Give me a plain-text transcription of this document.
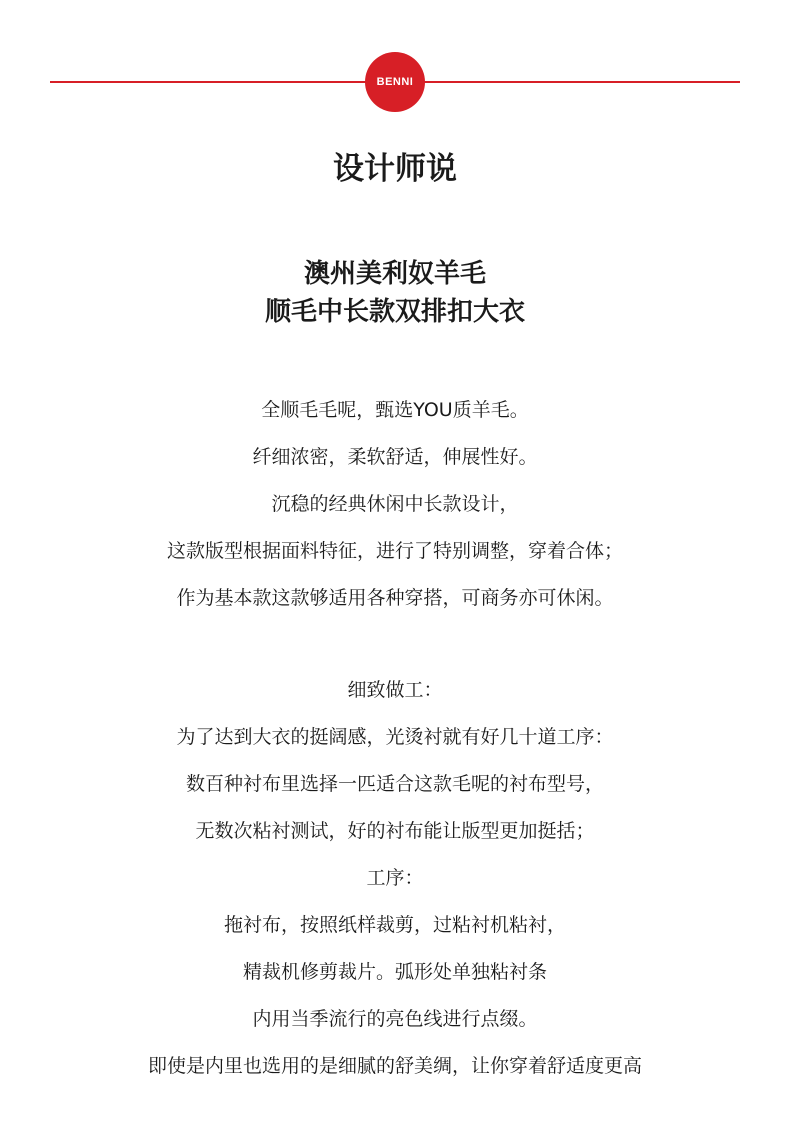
BENNI
设计师说
澳州美利奴羊毛
顺毛中长款双排扣大衣
全顺毛毛呢，甄选YOU质羊毛。
纤细浓密，柔软舒适，伸展性好。
沉稳的经典休闲中长款设计，
这款版型根据面料特征，进行了特别调整，穿着合体；
作为基本款这款够适用各种穿搭，可商务亦可休闲。
细致做工：
为了达到大衣的挺阔感，光烫衬就有好几十道工序：
数百种衬布里选择一匹适合这款毛呢的衬布型号，
无数次粘衬测试，好的衬布能让版型更加挺括；
工序：
拖衬布，按照纸样裁剪，过粘衬机粘衬，
精裁机修剪裁片。弧形处单独粘衬条
内用当季流行的亮色线进行点缀。
即使是内里也选用的是细腻的舒美绸，让你穿着舒适度更高
